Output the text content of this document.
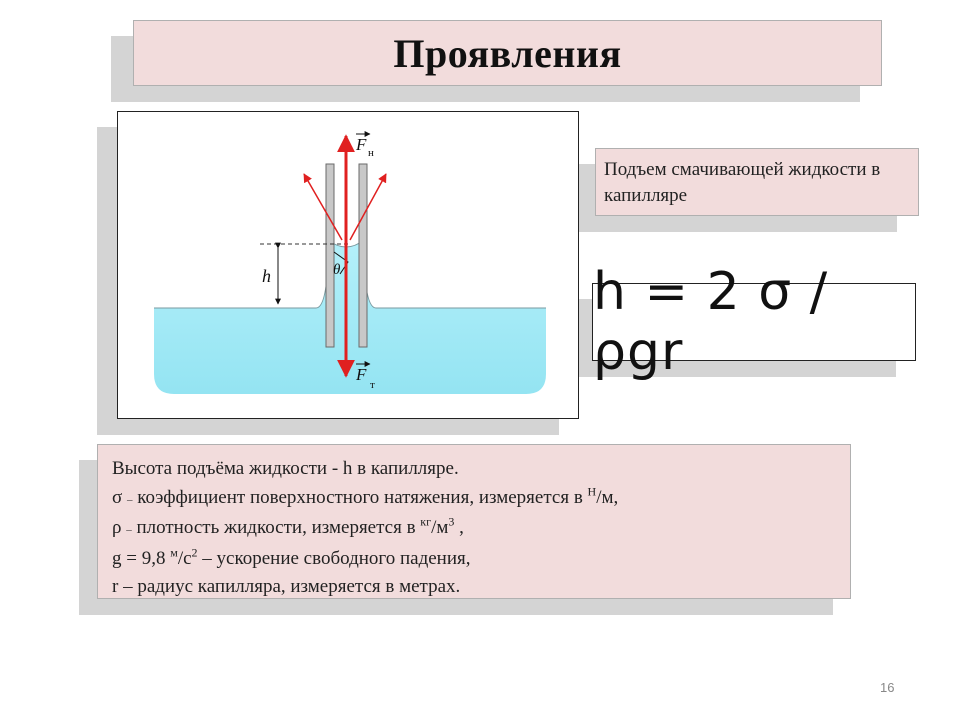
Проявления
h	θ
F н
F
т
Подъем смачивающей жидкости в капилляре
h = 2 σ / ρgr
Высота подъёма жидкости - h в капилляре.
σ – коэффициент поверхностного натяжения, измеряется в $^Н$/м,
ρ – плотность жидкости, измеряется в $^{кг}/м^3$ ,
g = 9,8 $^м/с^2$ – ускорение свободного падения,
r – радиус капилляра, измеряется в метрах.
16
